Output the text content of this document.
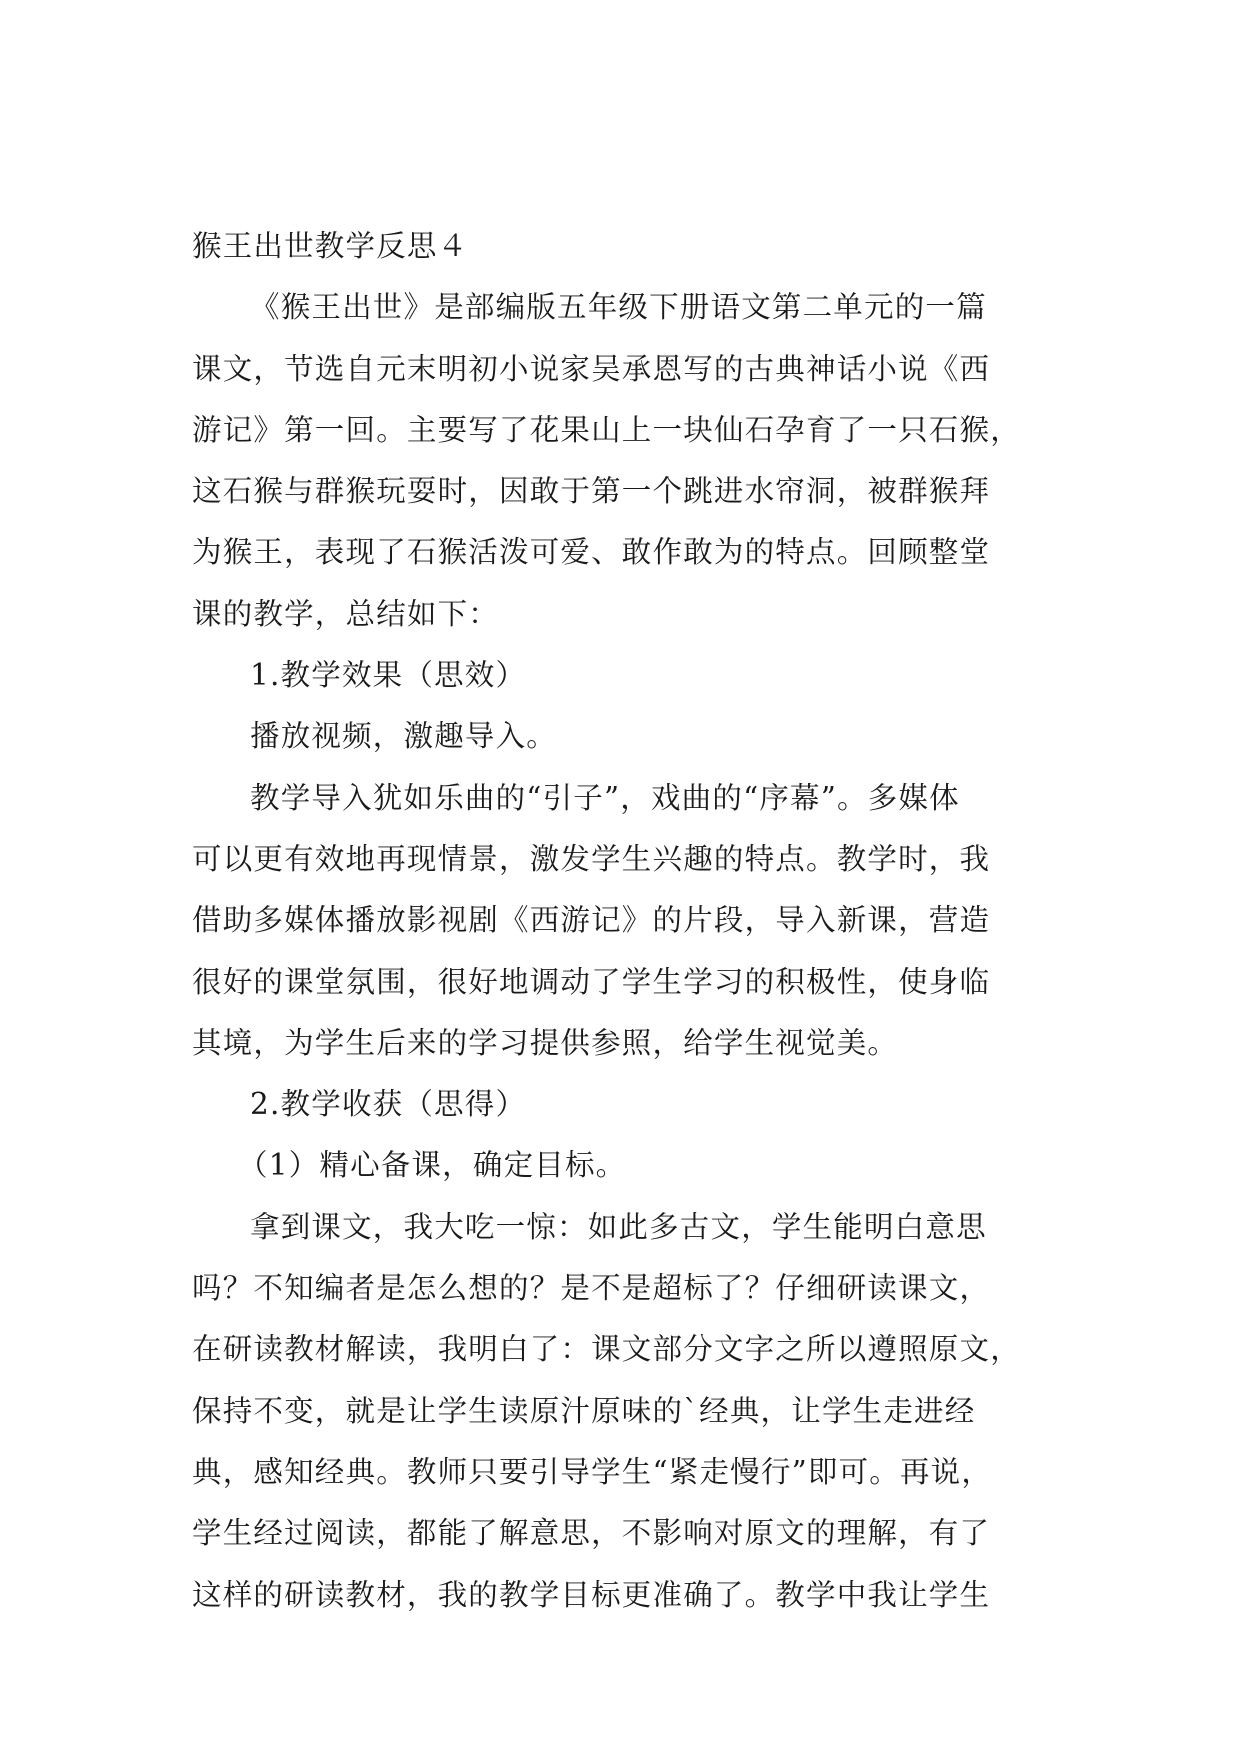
猴王出世教学反思４
《猴王出世》是部编版五年级下册语文第二单元的一篇
课文，节选自元末明初小说家吴承恩写的古典神话小说《西
游记》第一回。主要写了花果山上一块仙石孕育了一只石猴，
这石猴与群猴玩耍时，因敢于第一个跳进水帘洞，被群猴拜
为猴王，表现了石猴活泼可爱、敢作敢为的特点。回顾整堂
课的教学，总结如下：
1.教学效果（思效）
播放视频，激趣导入。
教学导入犹如乐曲的“引子”，戏曲的“序幕”。多媒体
可以更有效地再现情景，激发学生兴趣的特点。教学时，我
借助多媒体播放影视剧《西游记》的片段，导入新课，营造
很好的课堂氛围，很好地调动了学生学习的积极性，使身临
其境，为学生后来的学习提供参照，给学生视觉美。
2.教学收获（思得）
（1）精心备课，确定目标。
拿到课文，我大吃一惊：如此多古文，学生能明白意思
吗？不知编者是怎么想的？是不是超标了？仔细研读课文，
在研读教材解读，我明白了：课文部分文字之所以遵照原文，
保持不变，就是让学生读原汁原味的`经典，让学生走进经
典，感知经典。教师只要引导学生“紧走慢行”即可。再说，
学生经过阅读，都能了解意思，不影响对原文的理解，有了
这样的研读教材，我的教学目标更准确了。教学中我让学生
